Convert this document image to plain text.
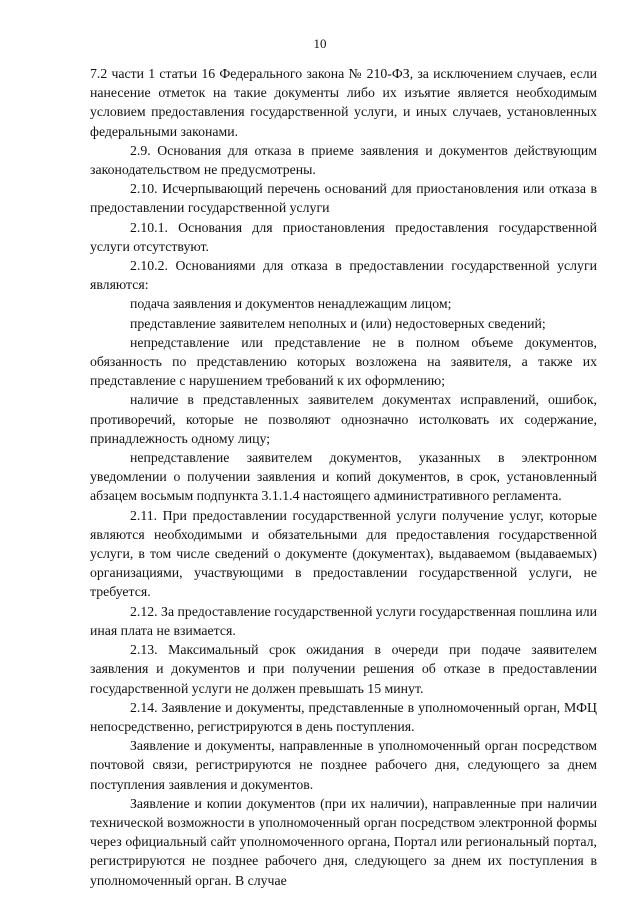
10

7.2 части 1 статьи 16 Федерального закона № 210-ФЗ, за исключением случаев, если нанесение отметок на такие документы либо их изъятие является необходимым условием предоставления государственной услуги, и иных случаев, установленных федеральными законами.

2.9. Основания для отказа в приеме заявления и документов действующим законодательством не предусмотрены.

2.10. Исчерпывающий перечень оснований для приостановления или отказа в предоставлении государственной услуги

2.10.1. Основания для приостановления предоставления государственной услуги отсутствуют.

2.10.2. Основаниями для отказа в предоставлении государственной услуги являются:

подача заявления и документов ненадлежащим лицом;

представление заявителем неполных и (или) недостоверных сведений;

непредставление или представление не в полном объеме документов, обязанность по представлению которых возложена на заявителя, а также их представление с нарушением требований к их оформлению;

наличие в представленных заявителем документах исправлений, ошибок, противоречий, которые не позволяют однозначно истолковать их содержание, принадлежность одному лицу;

непредставление заявителем документов, указанных в электронном уведомлении о получении заявления и копий документов, в срок, установленный абзацем восьмым подпункта 3.1.1.4 настоящего административного регламента.

2.11. При предоставлении государственной услуги получение услуг, которые являются необходимыми и обязательными для предоставления государственной услуги, в том числе сведений о документе (документах), выдаваемом (выдаваемых) организациями, участвующими в предоставлении государственной услуги, не требуется.

2.12. За предоставление государственной услуги государственная пошлина или иная плата не взимается.

2.13. Максимальный срок ожидания в очереди при подаче заявителем заявления и документов и при получении решения об отказе в предоставлении государственной услуги не должен превышать 15 минут.

2.14. Заявление и документы, представленные в уполномоченный орган, МФЦ непосредственно, регистрируются в день поступления.

Заявление и документы, направленные в уполномоченный орган посредством почтовой связи, регистрируются не позднее рабочего дня, следующего за днем поступления заявления и документов.

Заявление и копии документов (при их наличии), направленные при наличии технической возможности в уполномоченный орган посредством электронной формы через официальный сайт уполномоченного органа, Портал или региональный портал, регистрируются не позднее рабочего дня, следующего за днем их поступления в уполномоченный орган. В случае
